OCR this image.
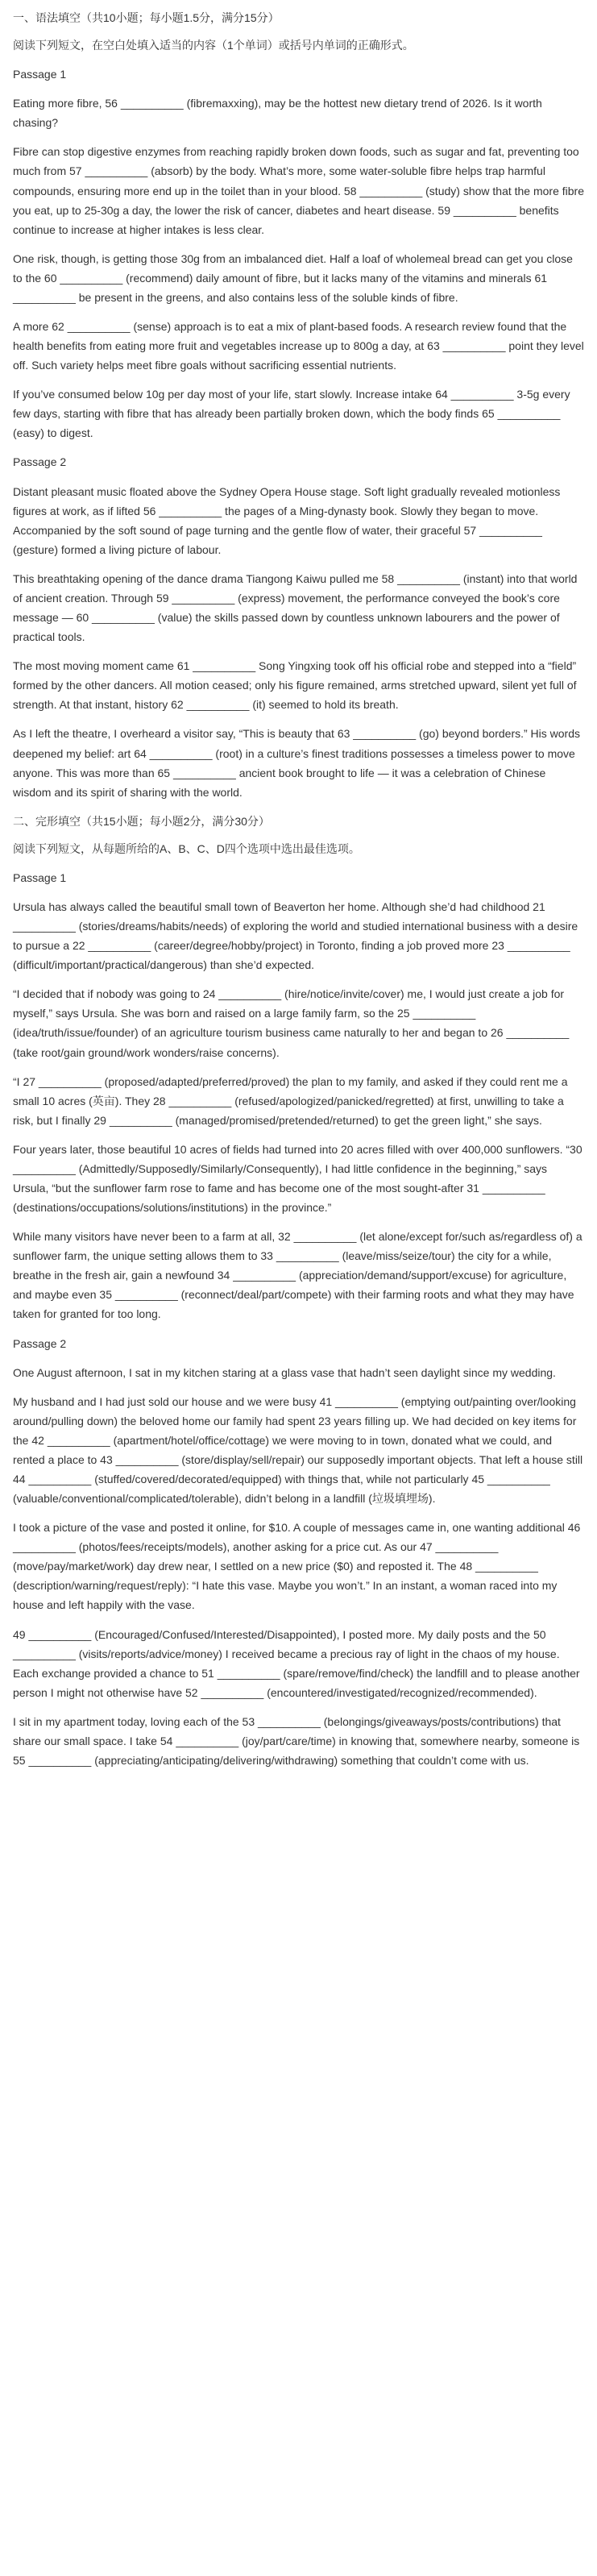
一、语法填空（共10小题；每小题1.5分，满分15分）

阅读下列短文，在空白处填入适当的内容（1个单词）或括号内单词的正确形式。

Passage 1

Eating more fibre, 56 __________ (fibremaxxing), may be the hottest new dietary trend of 2026. Is it worth chasing?

Fibre can stop digestive enzymes from reaching rapidly broken down foods, such as sugar and fat, preventing too much from 57 __________ (absorb) by the body. What’s more, some water-soluble fibre helps trap harmful compounds, ensuring more end up in the toilet than in your blood. 58 __________ (study) show that the more fibre you eat, up to 25-30g a day, the lower the risk of cancer, diabetes and heart disease. 59 __________ benefits continue to increase at higher intakes is less clear.

One risk, though, is getting those 30g from an imbalanced diet. Half a loaf of wholemeal bread can get you close to the 60 __________ (recommend) daily amount of fibre, but it lacks many of the vitamins and minerals 61 __________ be present in the greens, and also contains less of the soluble kinds of fibre.

A more 62 __________ (sense) approach is to eat a mix of plant-based foods. A research review found that the health benefits from eating more fruit and vegetables increase up to 800g a day, at 63 __________ point they level off. Such variety helps meet fibre goals without sacrificing essential nutrients.

If you’ve consumed below 10g per day most of your life, start slowly. Increase intake 64 __________ 3-5g every few days, starting with fibre that has already been partially broken down, which the body finds 65 __________ (easy) to digest.

Passage 2

Distant pleasant music floated above the Sydney Opera House stage. Soft light gradually revealed motionless figures at work, as if lifted 56 __________ the pages of a Ming-dynasty book. Slowly they began to move. Accompanied by the soft sound of page turning and the gentle flow of water, their graceful 57 __________ (gesture) formed a living picture of labour.

This breathtaking opening of the dance drama Tiangong Kaiwu pulled me 58 __________ (instant) into that world of ancient creation. Through 59 __________ (express) movement, the performance conveyed the book’s core message — 60 __________ (value) the skills passed down by countless unknown labourers and the power of practical tools.

The most moving moment came 61 __________ Song Yingxing took off his official robe and stepped into a “field” formed by the other dancers. All motion ceased; only his figure remained, arms stretched upward, silent yet full of strength. At that instant, history 62 __________ (it) seemed to hold its breath.

As I left the theatre, I overheard a visitor say, “This is beauty that 63 __________ (go) beyond borders.” His words deepened my belief: art 64 __________ (root) in a culture’s finest traditions possesses a timeless power to move anyone. This was more than 65 __________ ancient book brought to life — it was a celebration of Chinese wisdom and its spirit of sharing with the world.

二、完形填空（共15小题；每小题2分，满分30分）

阅读下列短文，从每题所给的A、B、C、D四个选项中选出最佳选项。

Passage 1

Ursula has always called the beautiful small town of Beaverton her home. Although she’d had childhood 21 __________ (stories/dreams/habits/needs) of exploring the world and studied international business with a desire to pursue a 22 __________ (career/degree/hobby/project) in Toronto, finding a job proved more 23 __________ (difficult/important/practical/dangerous) than she’d expected.

“I decided that if nobody was going to 24 __________ (hire/notice/invite/cover) me, I would just create a job for myself,” says Ursula. She was born and raised on a large family farm, so the 25 __________ (idea/truth/issue/founder) of an agriculture tourism business came naturally to her and began to 26 __________ (take root/gain ground/work wonders/raise concerns).

“I 27 __________ (proposed/adapted/preferred/proved) the plan to my family, and asked if they could rent me a small 10 acres (英亩). They 28 __________ (refused/apologized/panicked/regretted) at first, unwilling to take a risk, but I finally 29 __________ (managed/promised/pretended/returned) to get the green light,” she says.

Four years later, those beautiful 10 acres of fields had turned into 20 acres filled with over 400,000 sunflowers. “30 __________ (Admittedly/Supposedly/Similarly/Consequently), I had little confidence in the beginning,” says Ursula, “but the sunflower farm rose to fame and has become one of the most sought-after 31 __________ (destinations/occupations/solutions/institutions) in the province.”

While many visitors have never been to a farm at all, 32 __________ (let alone/except for/such as/regardless of) a sunflower farm, the unique setting allows them to 33 __________ (leave/miss/seize/tour) the city for a while, breathe in the fresh air, gain a newfound 34 __________ (appreciation/demand/support/excuse) for agriculture, and maybe even 35 __________ (reconnect/deal/part/compete) with their farming roots and what they may have taken for granted for too long.

Passage 2

One August afternoon, I sat in my kitchen staring at a glass vase that hadn’t seen daylight since my wedding.

My husband and I had just sold our house and we were busy 41 __________ (emptying out/painting over/looking around/pulling down) the beloved home our family had spent 23 years filling up. We had decided on key items for the 42 __________ (apartment/hotel/office/cottage) we were moving to in town, donated what we could, and rented a place to 43 __________ (store/display/sell/repair) our supposedly important objects. That left a house still 44 __________ (stuffed/covered/decorated/equipped) with things that, while not particularly 45 __________ (valuable/conventional/complicated/tolerable), didn’t belong in a landfill (垃圾填埋场).

I took a picture of the vase and posted it online, for $10. A couple of messages came in, one wanting additional 46 __________ (photos/fees/receipts/models), another asking for a price cut. As our 47 __________ (move/pay/market/work) day drew near, I settled on a new price ($0) and reposted it. The 48 __________ (description/warning/request/reply): “I hate this vase. Maybe you won’t.” In an instant, a woman raced into my house and left happily with the vase.

49 __________ (Encouraged/Confused/Interested/Disappointed), I posted more. My daily posts and the 50 __________ (visits/reports/advice/money) I received became a precious ray of light in the chaos of my house. Each exchange provided a chance to 51 __________ (spare/remove/find/check) the landfill and to please another person I might not otherwise have 52 __________ (encountered/investigated/recognized/recommended).

I sit in my apartment today, loving each of the 53 __________ (belongings/giveaways/posts/contributions) that share our small space. I take 54 __________ (joy/part/care/time) in knowing that, somewhere nearby, someone is 55 __________ (appreciating/anticipating/delivering/withdrawing) something that couldn’t come with us.
